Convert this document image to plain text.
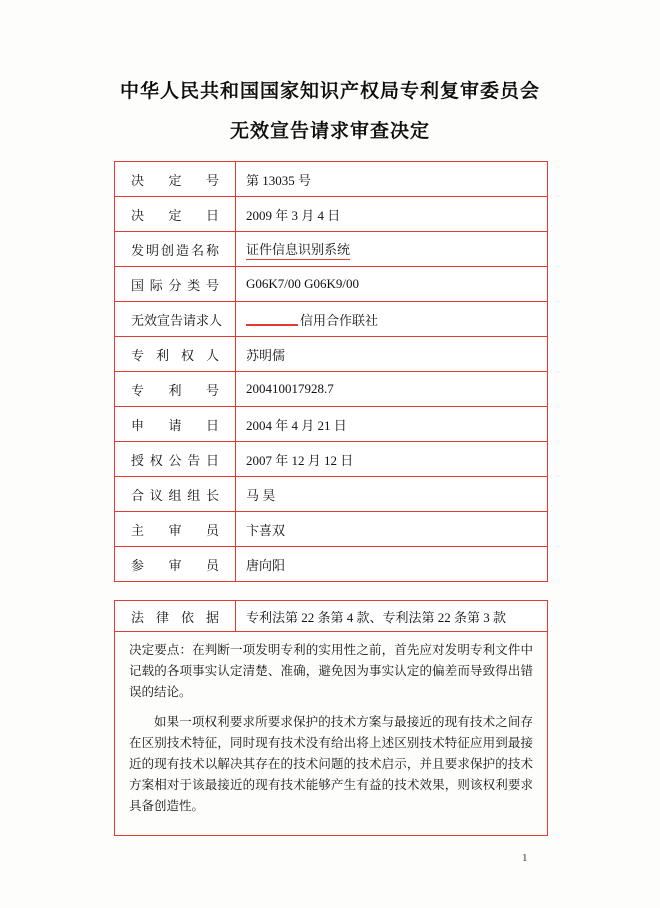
中华人民共和国国家知识产权局专利复审委员会
无效宣告请求审查决定
决 定 号	第 13035 号
决 定 日	2009 年 3 月 4 日
发明创造名称	证件信息识别系统
国 际 分 类 号	G06K7/00 G06K9/00
无效宣告请求人	信用合作联社
专 利 权 人	苏明儒
专 利 号	200410017928.7
申 请 日	2004 年 4 月 21 日
授 权 公 告 日	2007 年 12 月 12 日
合 议 组 组 长	马 昊
主 审 员	卞喜双
参 审 员	唐向阳
法 律 依 据	专利法第 22 条第 4 款、专利法第 22 条第 3 款

决定要点：在判断一项发明专利的实用性之前，首先应对发明专利文件中记载的各项事实认定清楚、准确，避免因为事实认定的偏差而导致得出错误的结论。

如果一项权利要求所要求保护的技术方案与最接近的现有技术之间存在区别技术特征，同时现有技术没有给出将上述区别技术特征应用到最接近的现有技术以解决其存在的技术问题的技术启示，并且要求保护的技术方案相对于该最接近的现有技术能够产生有益的技术效果，则该权利要求具备创造性。

1
